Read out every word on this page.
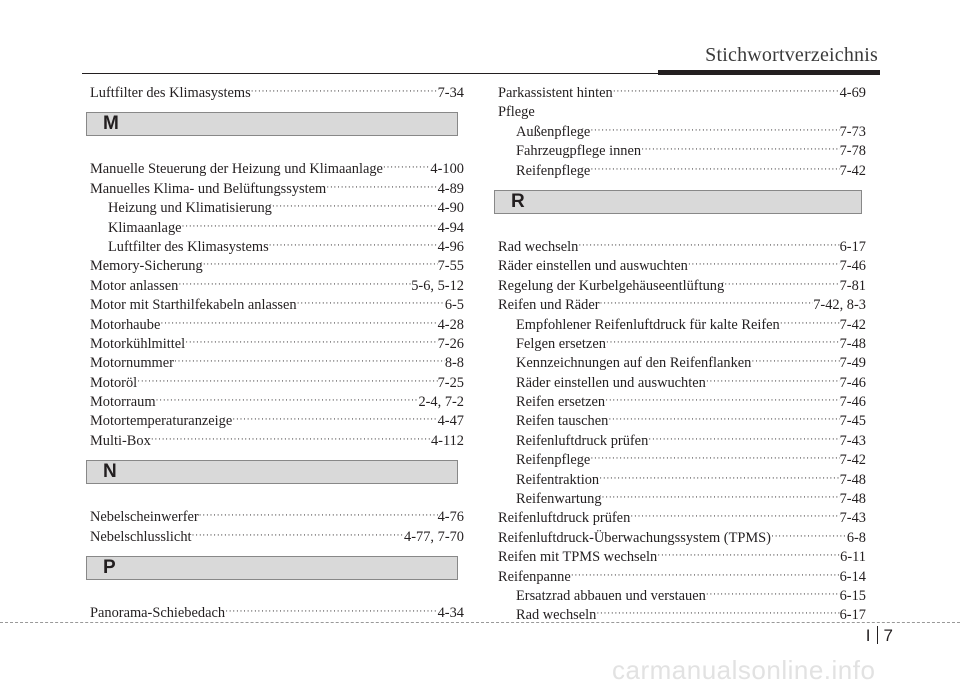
Stichwortverzeichnis
Luftfilter des Klimasystems ·····	7-34
M
Manuelle Steuerung der Heizung und Klimaanlage ·····	4-100
Manuelles Klima- und Belüftungssystem ·····	4-89
Heizung und Klimatisierung ·····	4-90
Klimaanlage ·····	4-94
Luftfilter des Klimasystems ·····	4-96
Memory-Sicherung ·····	7-55
Motor anlassen ·····	5-6, 5-12
Motor mit Starthilfekabeln anlassen ·····	6-5
Motorhaube ·····	4-28
Motorkühlmittel ·····	7-26
Motornummer ·····	8-8
Motoröl ·····	7-25
Motorraum ·····	2-4, 7-2
Motortemperaturanzeige ·····	4-47
Multi-Box ·····	4-112
N
Nebelscheinwerfer ·····	4-76
Nebelschlusslicht ·····	4-77, 7-70
P
Panorama-Schiebedach ·····	4-34
Parkassistent hinten ·····	4-69
Pflege
Außenpflege ·····	7-73
Fahrzeugpflege innen ·····	7-78
Reifenpflege ·····	7-42
R
Rad wechseln ·····	6-17
Räder einstellen und auswuchten ·····	7-46
Regelung der Kurbelgehäuseentlüftung ·····	7-81
Reifen und Räder ·····	7-42, 8-3
Empfohlener Reifenluftdruck für kalte Reifen ·····	7-42
Felgen ersetzen ·····	7-48
Kennzeichnungen auf den Reifenflanken ·····	7-49
Räder einstellen und auswuchten ·····	7-46
Reifen ersetzen ·····	7-46
Reifen tauschen ·····	7-45
Reifenluftdruck prüfen ·····	7-43
Reifenpflege ·····	7-42
Reifentraktion ·····	7-48
Reifenwartung ·····	7-48
Reifenluftdruck prüfen ·····	7-43
Reifenluftdruck-Überwachungssystem (TPMS) ·····	6-8
Reifen mit TPMS wechseln ·····	6-11
Reifenpanne ·····	6-14
Ersatzrad abbauen und verstauen ·····	6-15
Rad wechseln ·····	6-17
I 7
carmanualsonline.info
